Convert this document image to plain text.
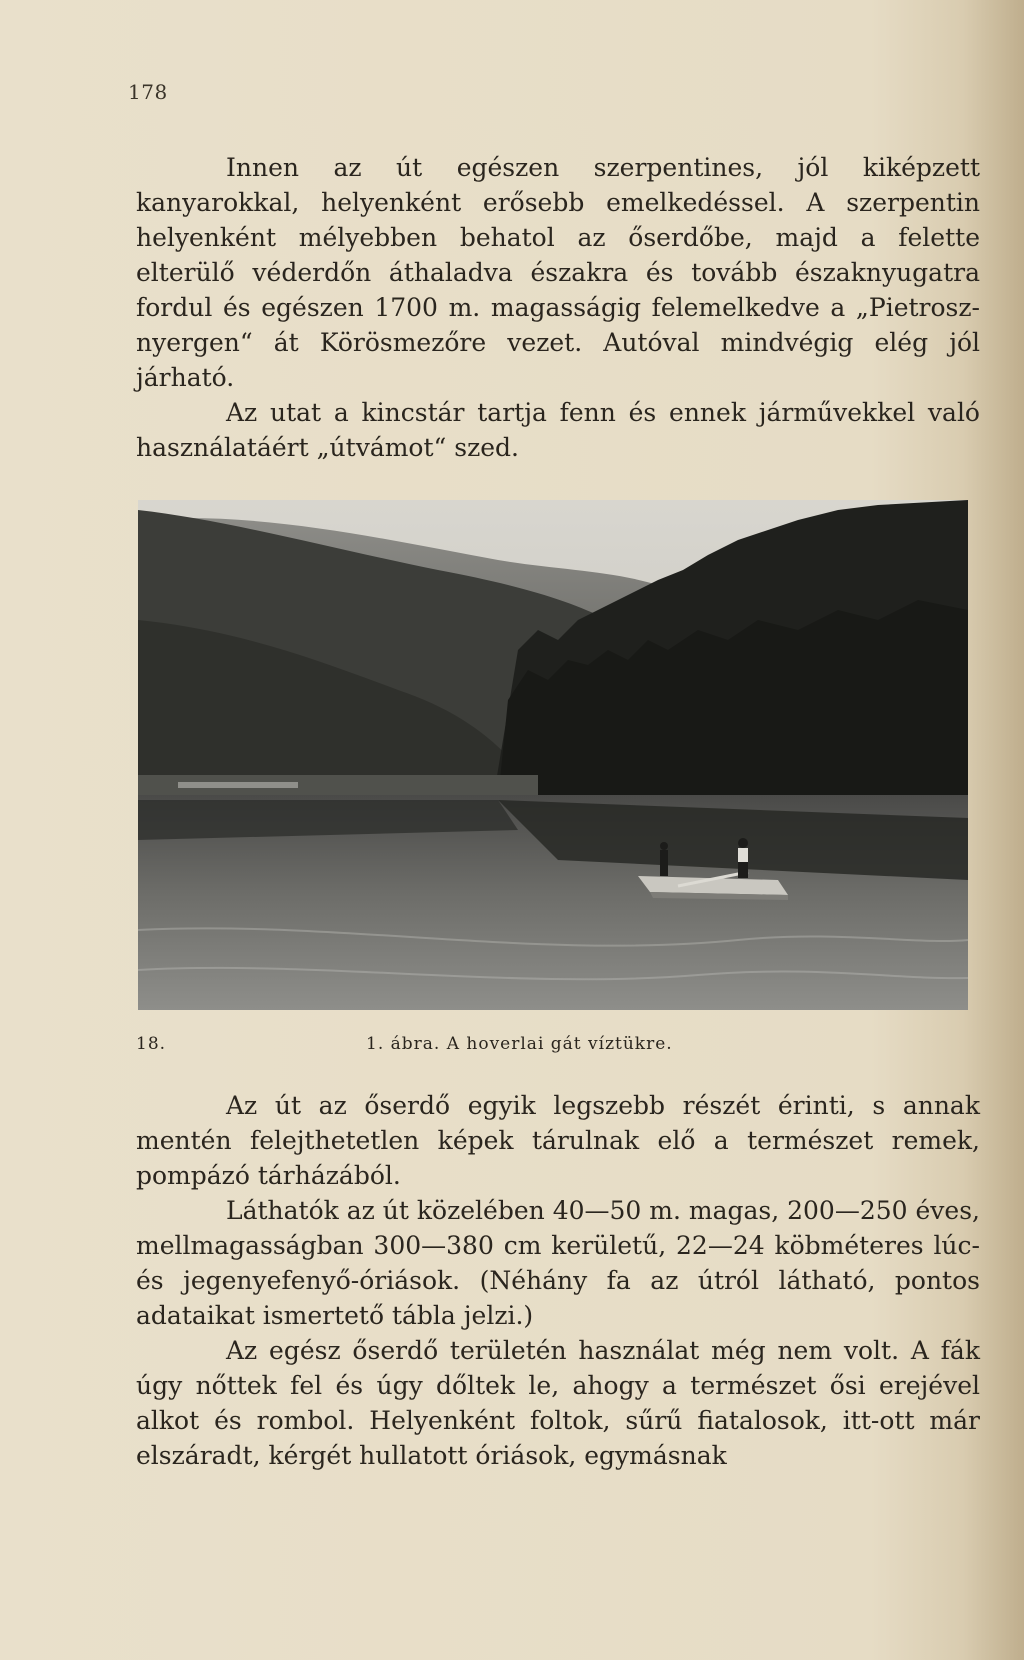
178

Innen az út egészen szerpentines, jól kiképzett kanyarokkal, helyenként erősebb emelkedéssel. A szerpentin helyenként mélyebben behatol az őserdőbe, majd a felette elterülő véderdőn áthaladva északra és tovább északnyugatra fordul és egészen 1700 m. magasságig felemelkedve a „Pietrosz-nyergen“ át Körösmezőre vezet. Autóval mindvégig elég jól járható.

Az utat a kincstár tartja fenn és ennek járművekkel való használatáért „útvámot“ szed.

18.	1. ábra. A hoverlai gát víztükre.

Az út az őserdő egyik legszebb részét érinti, s annak mentén felejthetetlen képek tárulnak elő a természet remek, pompázó tárházából.

Láthatók az út közelében 40—50 m. magas, 200—250 éves, mellmagasságban 300—380 cm kerületű, 22—24 köbméteres lúc- és jegenyefenyő-óriások. (Néhány fa az útról látható, pontos adataikat ismertető tábla jelzi.)

Az egész őserdő területén használat még nem volt. A fák úgy nőttek fel és úgy dőltek le, ahogy a természet ősi erejével alkot és rombol. Helyenként foltok, sűrű fiatalosok, itt-ott már elszáradt, kérgét hullatott óriások, egymásnak
